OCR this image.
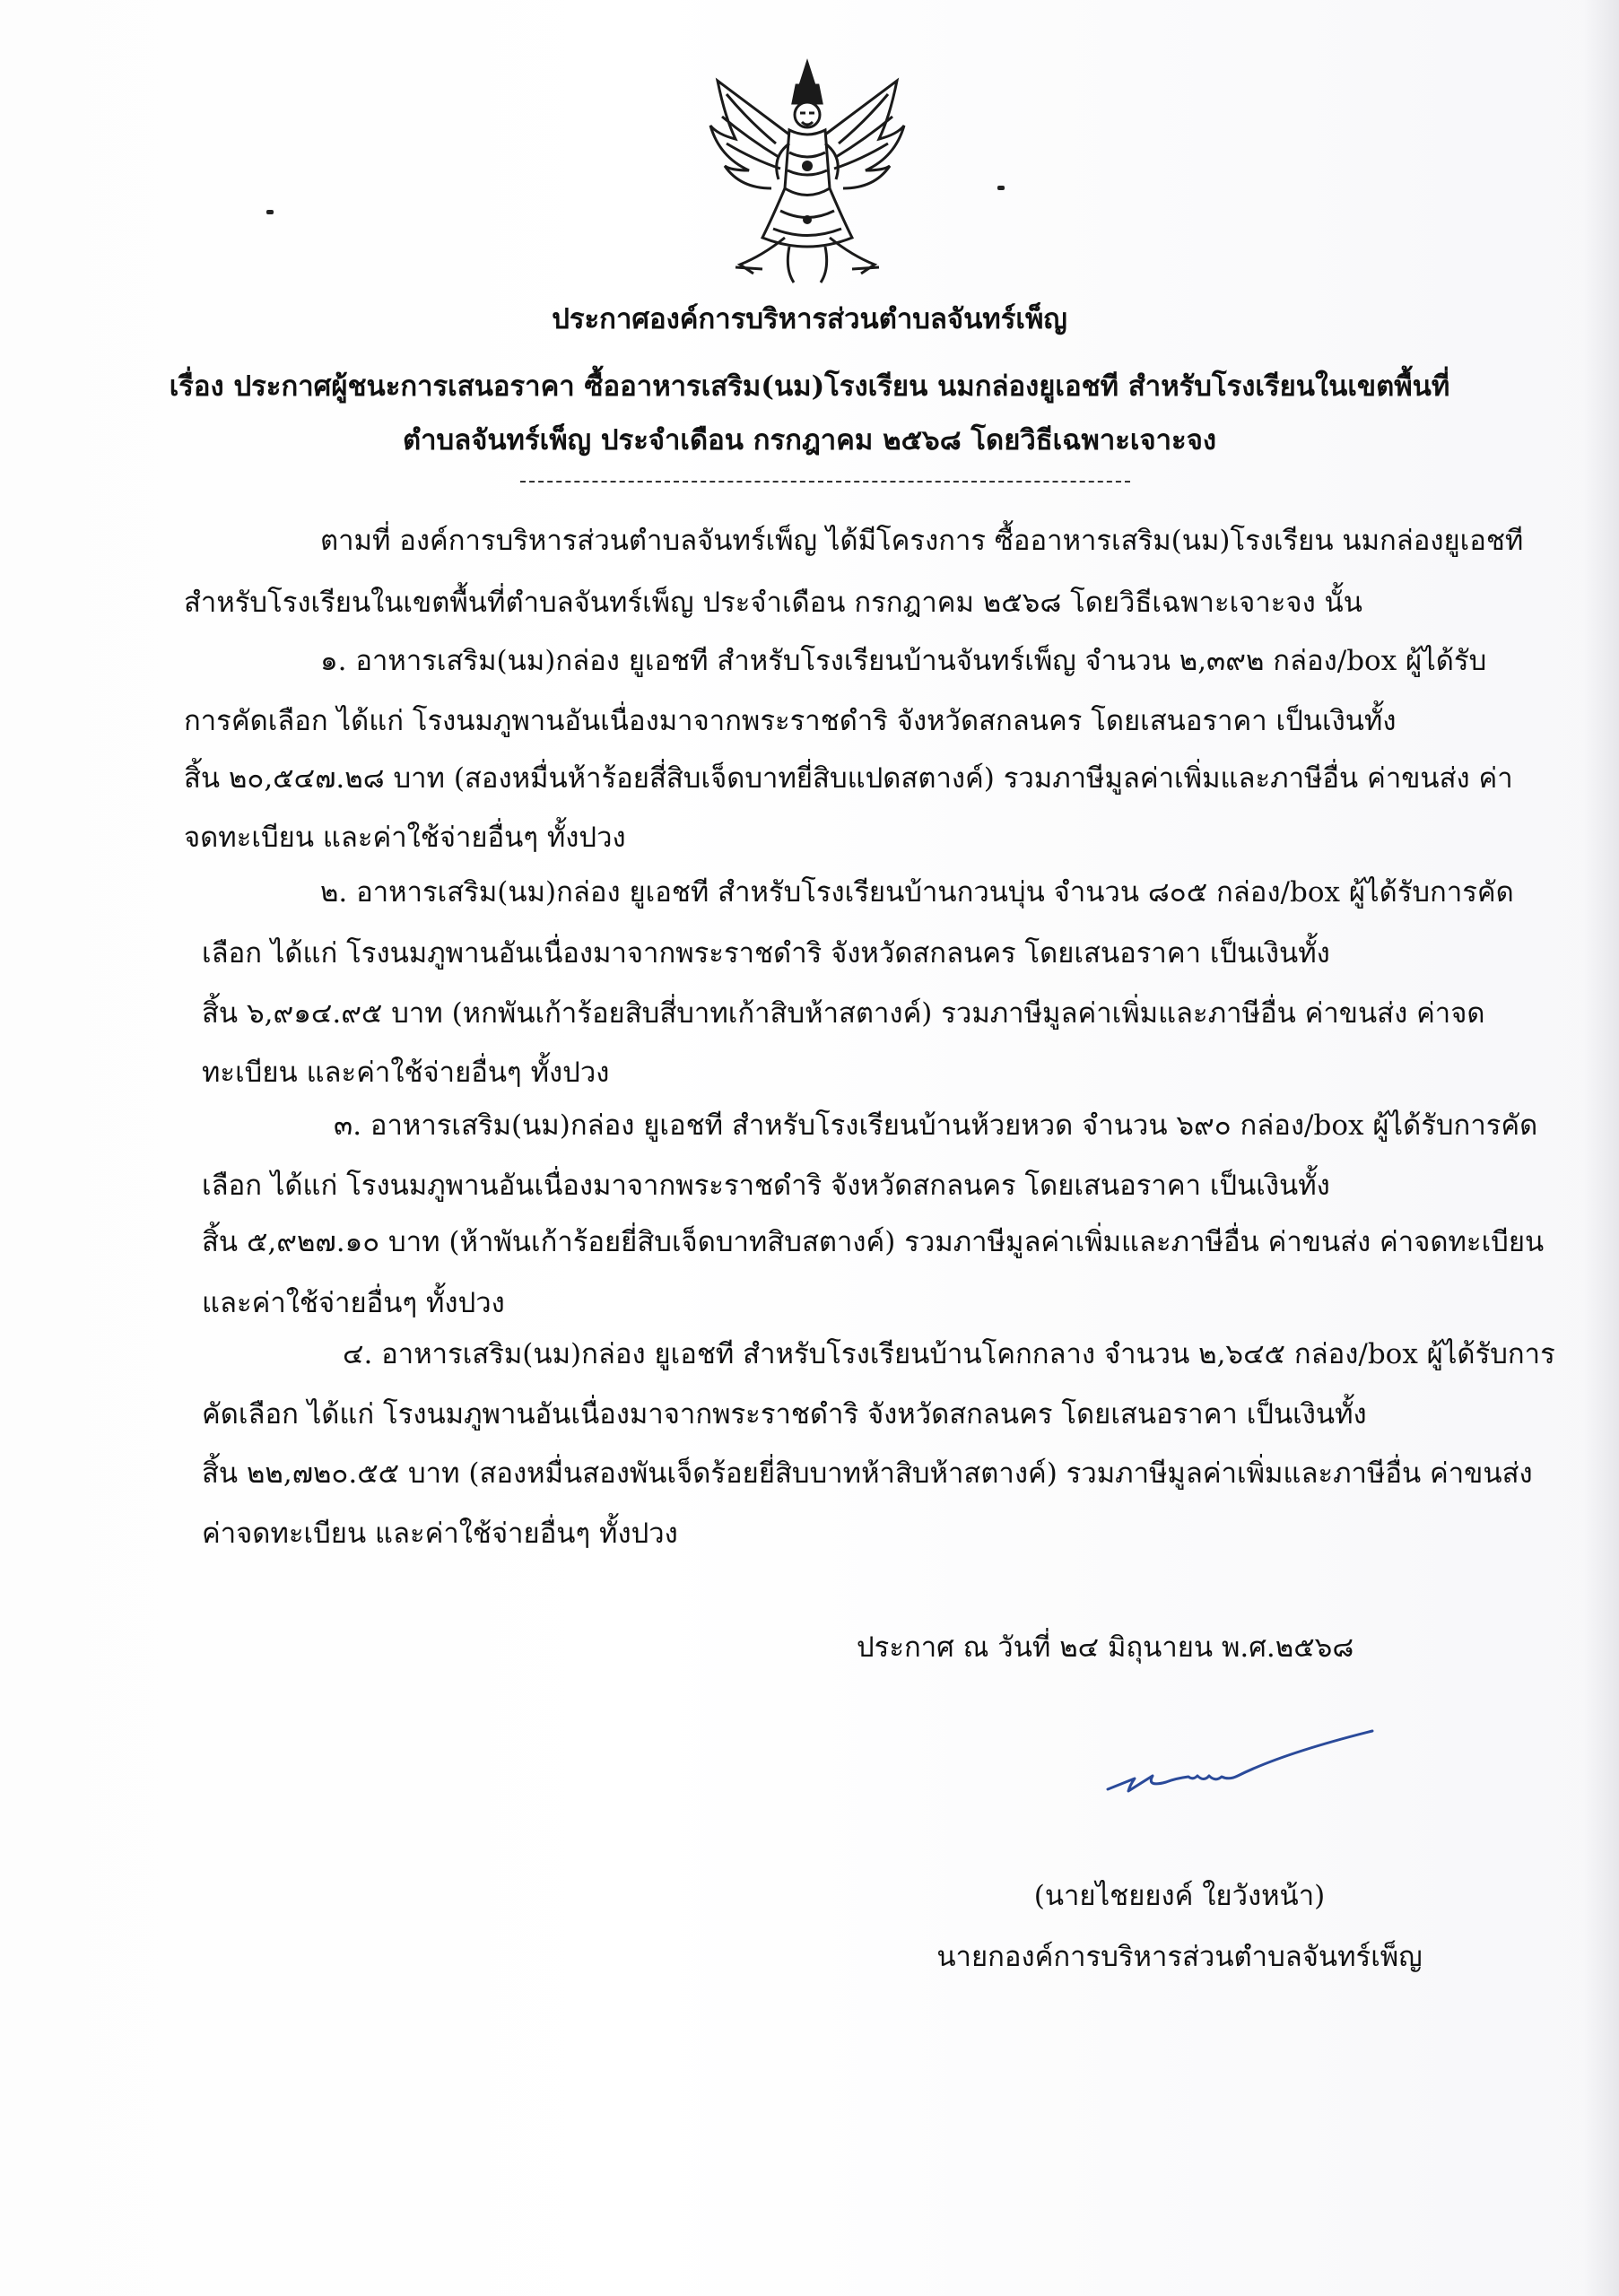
ประกาศองค์การบริหารส่วนตำบลจันทร์เพ็ญ
เรื่อง ประกาศผู้ชนะการเสนอราคา ซื้ออาหารเสริม(นม)โรงเรียน นมกล่องยูเอชที สำหรับโรงเรียนในเขตพื้นที่
ตำบลจันทร์เพ็ญ ประจำเดือน กรกฎาคม ๒๕๖๘ โดยวิธีเฉพาะเจาะจง
ตามที่ องค์การบริหารส่วนตำบลจันทร์เพ็ญ ได้มีโครงการ ซื้ออาหารเสริม(นม)โรงเรียน นมกล่องยูเอชที
สำหรับโรงเรียนในเขตพื้นที่ตำบลจันทร์เพ็ญ ประจำเดือน กรกฎาคม ๒๕๖๘ โดยวิธีเฉพาะเจาะจง นั้น
๑. อาหารเสริม(นม)กล่อง ยูเอชที สำหรับโรงเรียนบ้านจันทร์เพ็ญ จำนวน ๒,๓๙๒ กล่อง/box ผู้ได้รับ
การคัดเลือก ได้แก่ โรงนมภูพานอันเนื่องมาจากพระราชดำริ จังหวัดสกลนคร โดยเสนอราคา เป็นเงินทั้ง
สิ้น ๒๐,๕๔๗.๒๘ บาท (สองหมื่นห้าร้อยสี่สิบเจ็ดบาทยี่สิบแปดสตางค์) รวมภาษีมูลค่าเพิ่มและภาษีอื่น ค่าขนส่ง ค่า
จดทะเบียน และค่าใช้จ่ายอื่นๆ ทั้งปวง
๒. อาหารเสริม(นม)กล่อง ยูเอชที สำหรับโรงเรียนบ้านกวนบุ่น จำนวน ๘๐๕ กล่อง/box ผู้ได้รับการคัด
เลือก ได้แก่ โรงนมภูพานอันเนื่องมาจากพระราชดำริ จังหวัดสกลนคร โดยเสนอราคา เป็นเงินทั้ง
สิ้น ๖,๙๑๔.๙๕ บาท (หกพันเก้าร้อยสิบสี่บาทเก้าสิบห้าสตางค์) รวมภาษีมูลค่าเพิ่มและภาษีอื่น ค่าขนส่ง ค่าจด
ทะเบียน และค่าใช้จ่ายอื่นๆ ทั้งปวง
๓. อาหารเสริม(นม)กล่อง ยูเอชที สำหรับโรงเรียนบ้านห้วยหวด จำนวน ๖๙๐ กล่อง/box ผู้ได้รับการคัด
เลือก ได้แก่ โรงนมภูพานอันเนื่องมาจากพระราชดำริ จังหวัดสกลนคร โดยเสนอราคา เป็นเงินทั้ง
สิ้น ๕,๙๒๗.๑๐ บาท (ห้าพันเก้าร้อยยี่สิบเจ็ดบาทสิบสตางค์) รวมภาษีมูลค่าเพิ่มและภาษีอื่น ค่าขนส่ง ค่าจดทะเบียน
และค่าใช้จ่ายอื่นๆ ทั้งปวง
๔. อาหารเสริม(นม)กล่อง ยูเอชที สำหรับโรงเรียนบ้านโคกกลาง จำนวน ๒,๖๔๕ กล่อง/box ผู้ได้รับการ
คัดเลือก ได้แก่ โรงนมภูพานอันเนื่องมาจากพระราชดำริ จังหวัดสกลนคร โดยเสนอราคา เป็นเงินทั้ง
สิ้น ๒๒,๗๒๐.๕๕ บาท (สองหมื่นสองพันเจ็ดร้อยยี่สิบบาทห้าสิบห้าสตางค์) รวมภาษีมูลค่าเพิ่มและภาษีอื่น ค่าขนส่ง
ค่าจดทะเบียน และค่าใช้จ่ายอื่นๆ ทั้งปวง
ประกาศ ณ วันที่ ๒๔ มิถุนายน พ.ศ.๒๕๖๘
(นายไชยยงค์ ใยวังหน้า)
นายกองค์การบริหารส่วนตำบลจันทร์เพ็ญ
